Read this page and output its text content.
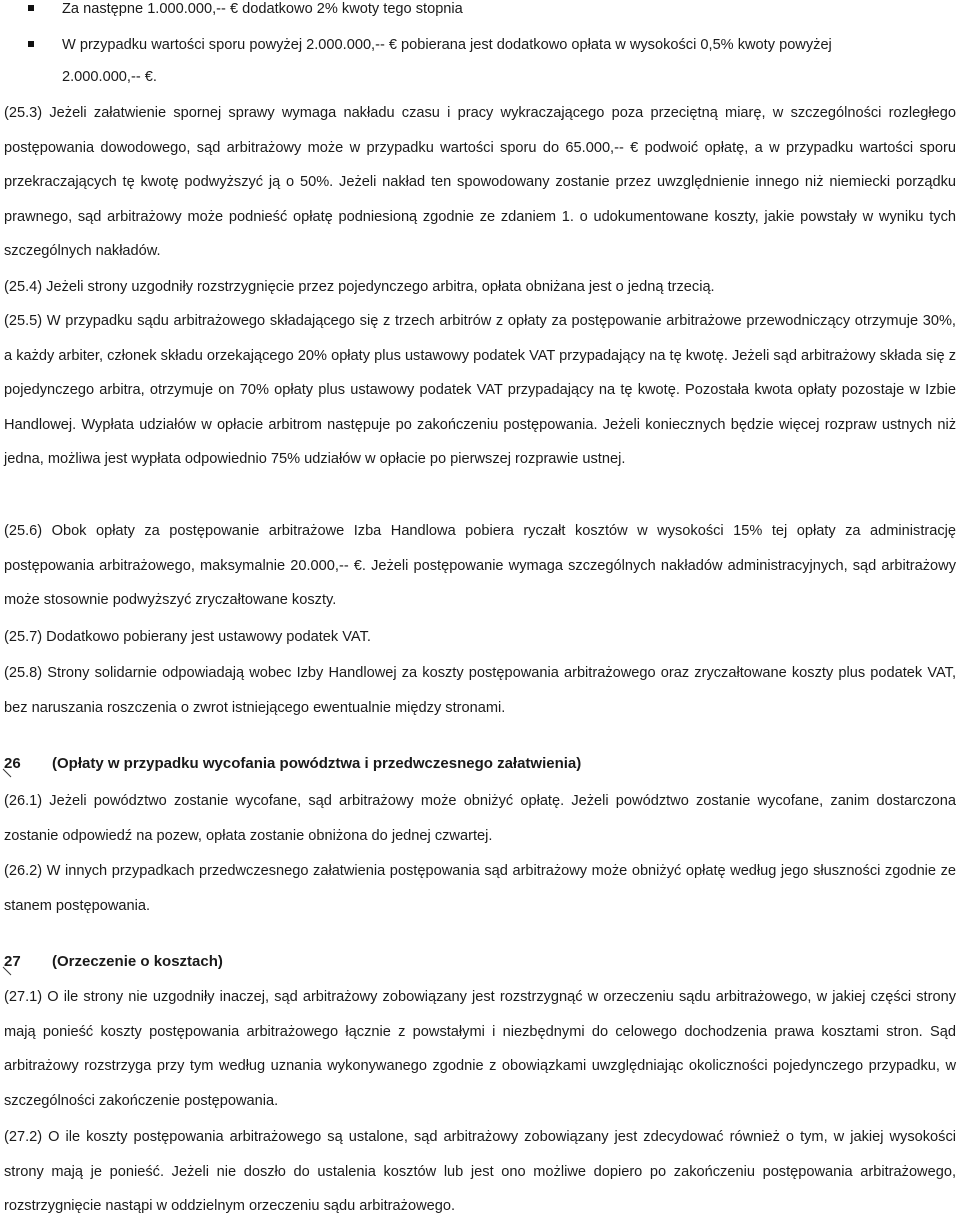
Za następne 1.000.000,-- € dodatkowo 2% kwoty tego stopnia
W przypadku wartości sporu powyżej 2.000.000,-- € pobierana jest dodatkowo opłata w wysokości 0,5% kwoty powyżej
2.000.000,-- €.

(25.3) Jeżeli załatwienie spornej sprawy wymaga nakładu czasu i pracy wykraczającego poza przeciętną miarę, w szczególności rozległego postępowania dowodowego, sąd arbitrażowy może w przypadku wartości sporu do 65.000,-- € podwoić opłatę, a w przypadku wartości sporu przekraczających tę kwotę podwyższyć ją o 50%. Jeżeli nakład ten spowodowany zostanie przez uwzględnienie innego niż niemiecki porządku prawnego, sąd arbitrażowy może podnieść opłatę podniesioną zgodnie ze zdaniem 1. o udokumentowane koszty, jakie powstały w wyniku tych szczególnych nakładów.

(25.4) Jeżeli strony uzgodniły rozstrzygnięcie przez pojedynczego arbitra, opłata obniżana jest o jedną trzecią.

(25.5) W przypadku sądu arbitrażowego składającego się z trzech arbitrów z opłaty za postępowanie arbitrażowe przewodniczący otrzymuje 30%, a każdy arbiter, członek składu orzekającego 20% opłaty plus ustawowy podatek VAT przypadający na tę kwotę. Jeżeli sąd arbitrażowy składa się z pojedynczego arbitra, otrzymuje on 70% opłaty plus ustawowy podatek VAT przypadający na tę kwotę. Pozostała kwota opłaty pozostaje w Izbie Handlowej. Wypłata udziałów w opłacie arbitrom następuje po zakończeniu postępowania. Jeżeli koniecznych będzie więcej rozpraw ustnych niż jedna, możliwa jest wypłata odpowiednio 75% udziałów w opłacie po pierwszej rozprawie ustnej.

(25.6) Obok opłaty za postępowanie arbitrażowe Izba Handlowa pobiera ryczałt kosztów w wysokości 15% tej opłaty za administrację postępowania arbitrażowego, maksymalnie 20.000,-- €. Jeżeli postępowanie wymaga szczególnych nakładów administracyjnych, sąd arbitrażowy może stosownie podwyższyć zryczałtowane koszty.

(25.7) Dodatkowo pobierany jest ustawowy podatek VAT.

(25.8) Strony solidarnie odpowiadają wobec Izby Handlowej za koszty postępowania arbitrażowego oraz zryczałtowane koszty plus podatek VAT, bez naruszania roszczenia o zwrot istniejącego ewentualnie między stronami.

26	(Opłaty w przypadku wycofania powództwa i przedwczesnego załatwienia)

(26.1) Jeżeli powództwo zostanie wycofane, sąd arbitrażowy może obniżyć opłatę. Jeżeli powództwo zostanie wycofane, zanim dostarczona zostanie odpowiedź na pozew, opłata zostanie obniżona do jednej czwartej.

(26.2) W innych przypadkach przedwczesnego załatwienia postępowania sąd arbitrażowy może obniżyć opłatę według jego słuszności zgodnie ze stanem postępowania.

27	(Orzeczenie o kosztach)

(27.1) O ile strony nie uzgodniły inaczej, sąd arbitrażowy zobowiązany jest rozstrzygnąć w orzeczeniu sądu arbitrażowego, w jakiej części strony mają ponieść koszty postępowania arbitrażowego łącznie z powstałymi i niezbędnymi do celowego dochodzenia prawa kosztami stron. Sąd arbitrażowy rozstrzyga przy tym według uznania wykonywanego zgodnie z obowiązkami uwzględniając okoliczności pojedynczego przypadku, w szczególności zakończenie postępowania.

(27.2) O ile koszty postępowania arbitrażowego są ustalone, sąd arbitrażowy zobowiązany jest zdecydować również o tym, w jakiej wysokości strony mają je ponieść. Jeżeli nie doszło do ustalenia kosztów lub jest ono możliwe dopiero po zakończeniu postępowania arbitrażowego, rozstrzygnięcie nastąpi w oddzielnym orzeczeniu sądu arbitrażowego.
